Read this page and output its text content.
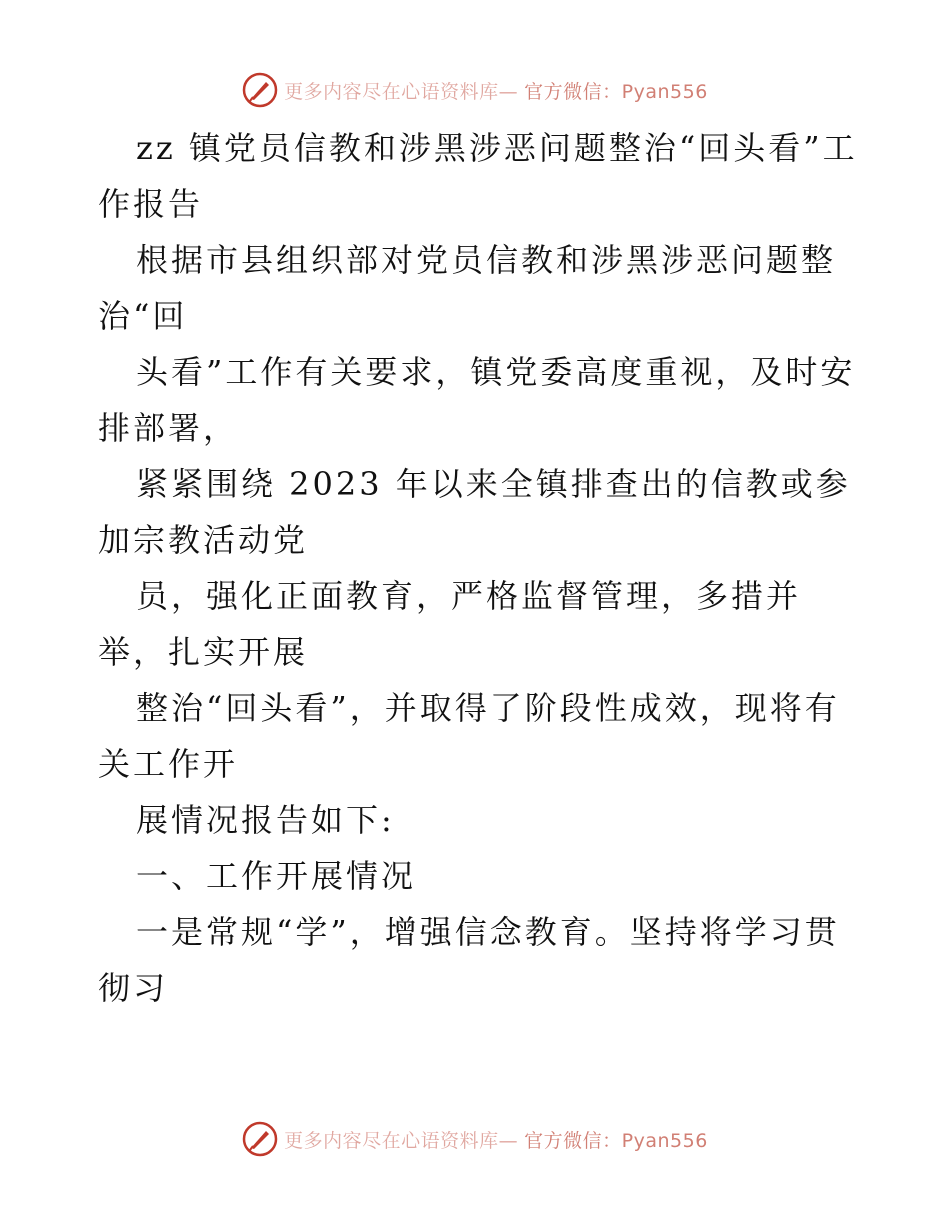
更多内容尽在心语资料库— 官方微信：Pyan556

zz 镇党员信教和涉黑涉恶问题整治“回头看”工作报告

根据市县组织部对党员信教和涉黑涉恶问题整治“回

头看”工作有关要求，镇党委高度重视，及时安排部署，

紧紧围绕 2023 年以来全镇排查出的信教或参加宗教活动党

员，强化正面教育，严格监督管理，多措并举，扎实开展

整治“回头看”，并取得了阶段性成效，现将有关工作开

展情况报告如下:

一、工作开展情况

一是常规“学”，增强信念教育。坚持将学习贯彻习

更多内容尽在心语资料库— 官方微信：Pyan556
